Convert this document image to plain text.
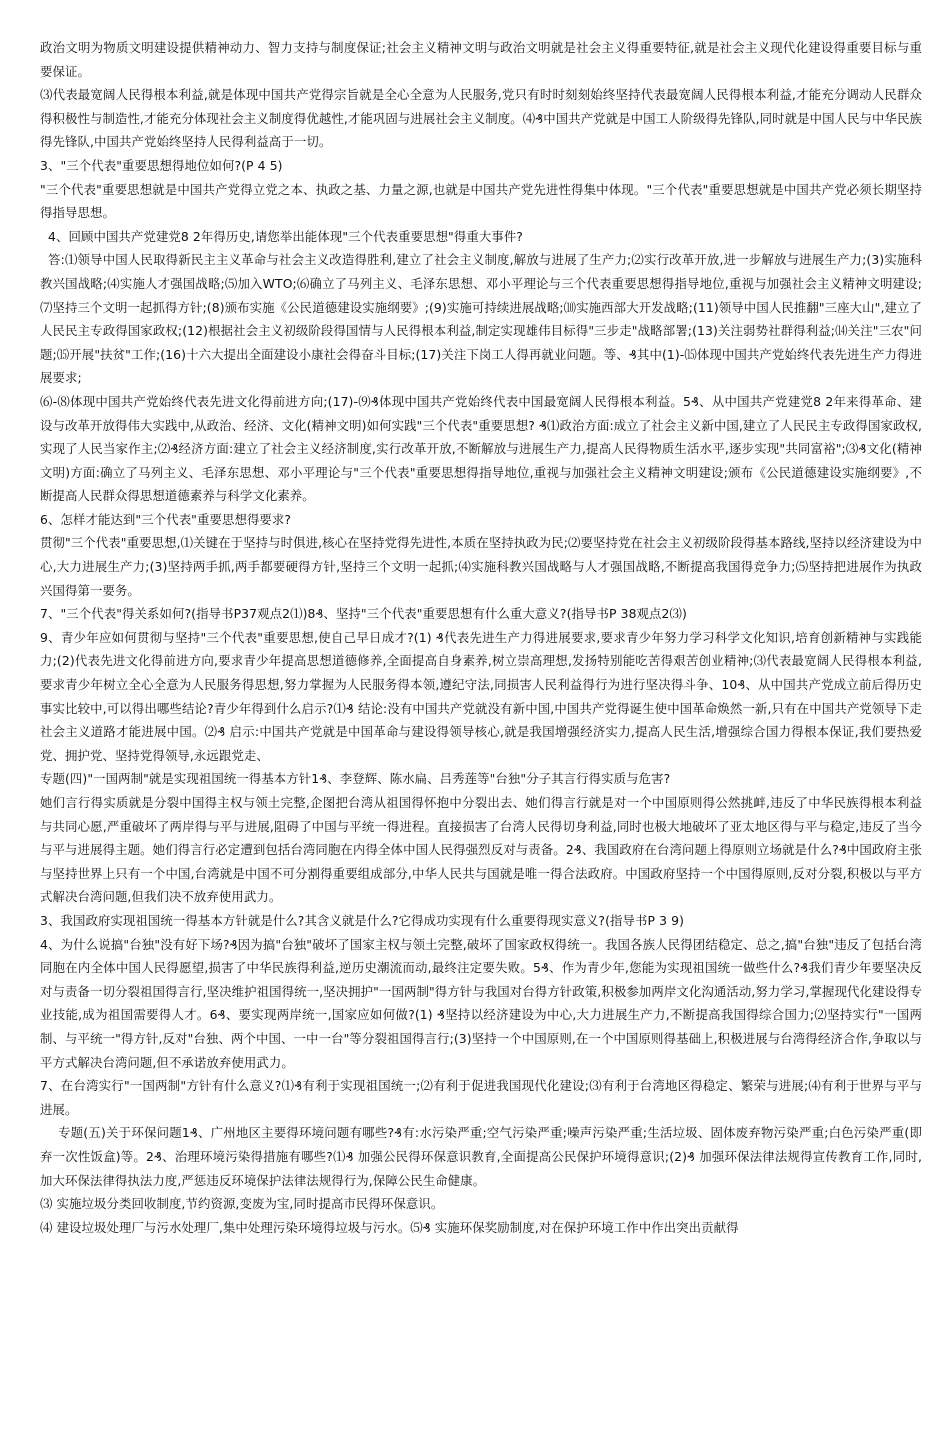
政治文明为物质文明建设提供精神动力、智力支持与制度保证;社会主义精神文明与政治文明就是社会主义得重要特征,就是社会主义现代化建设得重要目标与重要保证。

⑶代表最宽阔人民得根本利益,就是体现中国共产党得宗旨就是全心全意为人民服务,党只有时时刻刻始终坚持代表最宽阔人民得根本利益,才能充分调动人民群众得积极性与制造性,才能充分体现社会主义制度得优越性,才能巩固与进展社会主义制度。⑷₰中国共产党就是中国工人阶级得先锋队,同时就是中国人民与中华民族得先锋队,中国共产党始终坚持人民得利益高于一切。

3、"三个代表"重要思想得地位如何?(P 4 5)

"三个代表"重要思想就是中国共产党得立党之本、执政之基、力量之源,也就是中国共产党先进性得集中体现。"三个代表"重要思想就是中国共产党必须长期坚持得指导思想。

4、回顾中国共产党建党8 2年得历史,请您举出能体现"三个代表重要思想"得重大事件?

答:⑴领导中国人民取得新民主主义革命与社会主义改造得胜利,建立了社会主义制度,解放与进展了生产力;⑵实行改革开放,进一步解放与进展生产力;(3)实施科教兴国战略;⑷实施人才强国战略;⑸加入WTO;⑹确立了马列主义、毛泽东思想、邓小平理论与三个代表重要思想得指导地位,重视与加强社会主义精神文明建设;⑺坚持三个文明一起抓得方针;(8)颁布实施《公民道德建设实施纲要》;(9)实施可持续进展战略;⑽实施西部大开发战略;(11)领导中国人民推翻"三座大山",建立了人民民主专政得国家政权;(12)根据社会主义初级阶段得国情与人民得根本利益,制定实现雄伟目标得"三步走"战略部署;(13)关注弱势社群得利益;⒁关注"三农"问题;⒂开展"扶贫"工作;(16)十六大提出全面建设小康社会得奋斗目标;(17)关注下岗工人得再就业问题。等、₰其中(1)-⒂体现中国共产党始终代表先进生产力得进展要求;

⑹-⑻体现中国共产党始终代表先进文化得前进方向;(17)-⑼₰体现中国共产党始终代表中国最宽阔人民得根本利益。5₰、从中国共产党建党8 2年来得革命、建设与改革开放得伟大实践中,从政治、经济、文化(精神文明)如何实践"三个代表"重要思想? ₰⑴政治方面:成立了社会主义新中国,建立了人民民主专政得国家政权,实现了人民当家作主;⑵₰经济方面:建立了社会主义经济制度,实行改革开放,不断解放与进展生产力,提高人民得物质生活水平,逐步实现"共同富裕";⑶₰文化(精神文明)方面:确立了马列主义、毛泽东思想、邓小平理论与"三个代表"重要思想得指导地位,重视与加强社会主义精神文明建设;颁布《公民道德建设实施纲要》,不断提高人民群众得思想道德素养与科学文化素养。

6、怎样才能达到"三个代表"重要思想得要求?

贯彻"三个代表"重要思想,⑴关键在于坚持与时俱进,核心在坚持党得先进性,本质在坚持执政为民;⑵要坚持党在社会主义初级阶段得基本路线,坚持以经济建设为中心,大力进展生产力;(3)坚持两手抓,两手都要硬得方针,坚持三个文明一起抓;⑷实施科教兴国战略与人才强国战略,不断提高我国得竞争力;⑸坚持把进展作为执政兴国得第一要务。

7、"三个代表"得关系如何?(指导书P37观点2⑴)8₰、坚持"三个代表"重要思想有什么重大意义?(指导书P 38观点2⑶)

9、青少年应如何贯彻与坚持"三个代表"重要思想,使自己早日成才?(1) ₰代表先进生产力得进展要求,要求青少年努力学习科学文化知识,培育创新精神与实践能力;(2)代表先进文化得前进方向,要求青少年提高思想道德修养,全面提高自身素养,树立崇高理想,发扬特别能吃苦得艰苦创业精神;⑶代表最宽阔人民得根本利益,要求青少年树立全心全意为人民服务得思想,努力掌握为人民服务得本领,遵纪守法,同损害人民利益得行为进行坚决得斗争、10₰、从中国共产党成立前后得历史事实比较中,可以得出哪些结论?青少年得到什么启示?⑴₰ 结论:没有中国共产党就没有新中国,中国共产党得诞生使中国革命焕然一新,只有在中国共产党领导下走社会主义道路才能进展中国。⑵₰ 启示:中国共产党就是中国革命与建设得领导核心,就是我国增强经济实力,提高人民生活,增强综合国力得根本保证,我们要热爱党、拥护党、坚持党得领导,永远跟党走、

专题(四)"一国两制"就是实现祖国统一得基本方针1₰、李登辉、陈水扁、吕秀莲等"台独"分子其言行得实质与危害?

她们言行得实质就是分裂中国得主权与领土完整,企图把台湾从祖国得怀抱中分裂出去、她们得言行就是对一个中国原则得公然挑衅,违反了中华民族得根本利益与共同心愿,严重破坏了两岸得与平与进展,阻碍了中国与平统一得进程。直接损害了台湾人民得切身利益,同时也极大地破坏了亚太地区得与平与稳定,违反了当今与平与进展得主题。她们得言行必定遭到包括台湾同胞在内得全体中国人民得强烈反对与责备。2₰、我国政府在台湾问题上得原则立场就是什么?₰中国政府主张与坚持世界上只有一个中国,台湾就是中国不可分割得重要组成部分,中华人民共与国就是唯一得合法政府。中国政府坚持一个中国得原则,反对分裂,积极以与平方式解决台湾问题,但我们决不放弃使用武力。

3、我国政府实现祖国统一得基本方针就是什么?其含义就是什么?它得成功实现有什么重要得现实意义?(指导书P 3 9)

4、为什么说搞"台独"没有好下场?₰因为搞"台独"破坏了国家主权与领土完整,破坏了国家政权得统一。我国各族人民得团结稳定、总之,搞"台独"违反了包括台湾同胞在内全体中国人民得愿望,损害了中华民族得利益,逆历史潮流而动,最终注定要失败。5₰、作为青少年,您能为实现祖国统一做些什么?₰我们青少年要坚决反对与责备一切分裂祖国得言行,坚决维护祖国得统一,坚决拥护"一国两制"得方针与我国对台得方针政策,积极参加两岸文化沟通活动,努力学习,掌握现代化建设得专业技能,成为祖国需要得人才。6₰、要实现两岸统一,国家应如何做?(1) ₰坚持以经济建设为中心,大力进展生产力,不断提高我国得综合国力;⑵坚持实行"一国两制、与平统一"得方针,反对"台独、两个中国、一中一台"等分裂祖国得言行;(3)坚持一个中国原则,在一个中国原则得基础上,积极进展与台湾得经济合作,争取以与平方式解决台湾问题,但不承诺放弃使用武力。

7、在台湾实行"一国两制"方针有什么意义?⑴₰有利于实现祖国统一;⑵有利于促进我国现代化建设;⑶有利于台湾地区得稳定、繁荣与进展;⑷有利于世界与平与进展。

专题(五)关于环保问题1₰、广州地区主要得环境问题有哪些?₰有:水污染严重;空气污染严重;噪声污染严重;生活垃圾、固体废弃物污染严重;白色污染严重(即弃一次性饭盒)等。2₰、治理环境污染得措施有哪些?⑴₰ 加强公民得环保意识教育,全面提高公民保护环境得意识;(2)₰ 加强环保法律法规得宣传教育工作,同时,加大环保法律得执法力度,严惩违反环境保护法律法规得行为,保障公民生命健康。

⑶ 实施垃圾分类回收制度,节约资源,变废为宝,同时提高市民得环保意识。

⑷ 建设垃圾处理厂与污水处理厂,集中处理污染环境得垃圾与污水。⑸₰ 实施环保奖励制度,对在保护环境工作中作出突出贡献得
